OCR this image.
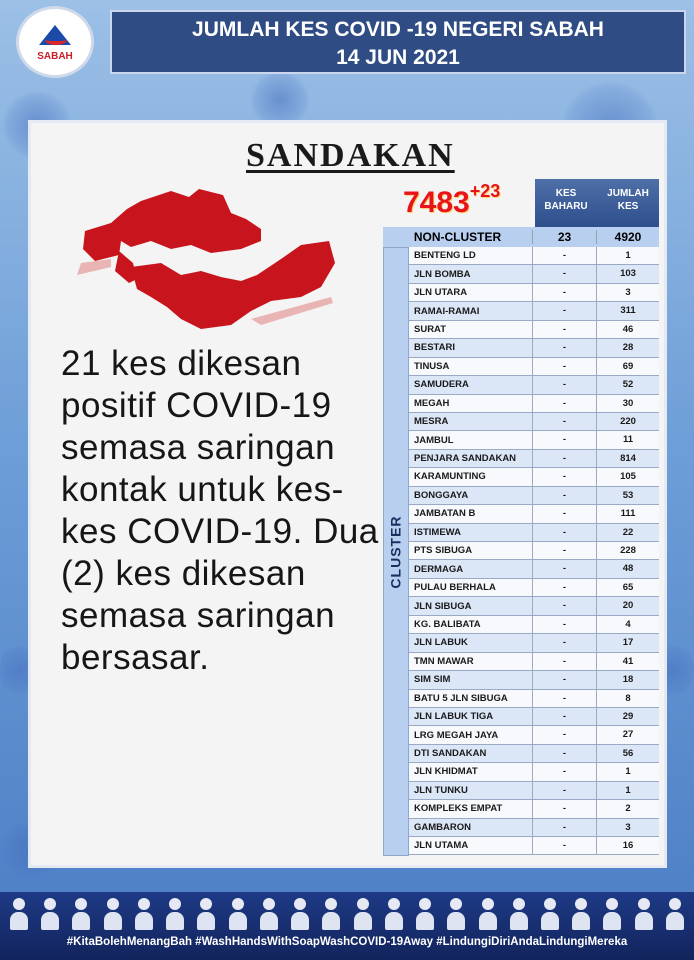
SABAH
JUMLAH KES COVID -19 NEGERI SABAH
14 JUN 2021
SANDAKAN
$7483^{+23}$	KES BAHARU
JUMLAH KES
NON-CLUSTER	23	4920
CLUSTER
BENTENG LD	-	1
JLN BOMBA	-	103
JLN UTARA	-	3
RAMAI-RAMAI	-	311
SURAT	-	46
BESTARI	-	28
TINUSA	-	69
SAMUDERA	-	52
MEGAH	-	30
MESRA	-	220
JAMBUL	-	11
PENJARA SANDAKAN	-	814
KARAMUNTING	-	105
BONGGAYA	-	53
JAMBATAN B	-	111
ISTIMEWA	-	22
PTS SIBUGA	-	228
DERMAGA	-	48
PULAU BERHALA	-	65
JLN SIBUGA	-	20
KG. BALIBATA	-	4
JLN LABUK	-	17
TMN MAWAR	-	41
SIM SIM	-	18
BATU 5 JLN SIBUGA	-	8
JLN LABUK TIGA	-	29
LRG MEGAH JAYA	-	27
DTI SANDAKAN	-	56
JLN KHIDMAT	-	1
JLN TUNKU	-	1
KOMPLEKS EMPAT	-	2
GAMBARON	-	3
JLN UTAMA	-	16
21 kes dikesan positif COVID-19 semasa saringan kontak untuk kes-kes COVID-19. Dua (2) kes dikesan semasa saringan bersasar.
#KitaBolehMenangBah #WashHandsWithSoapWashCOVID-19Away #LindungiDiriAndaLindungiMereka
